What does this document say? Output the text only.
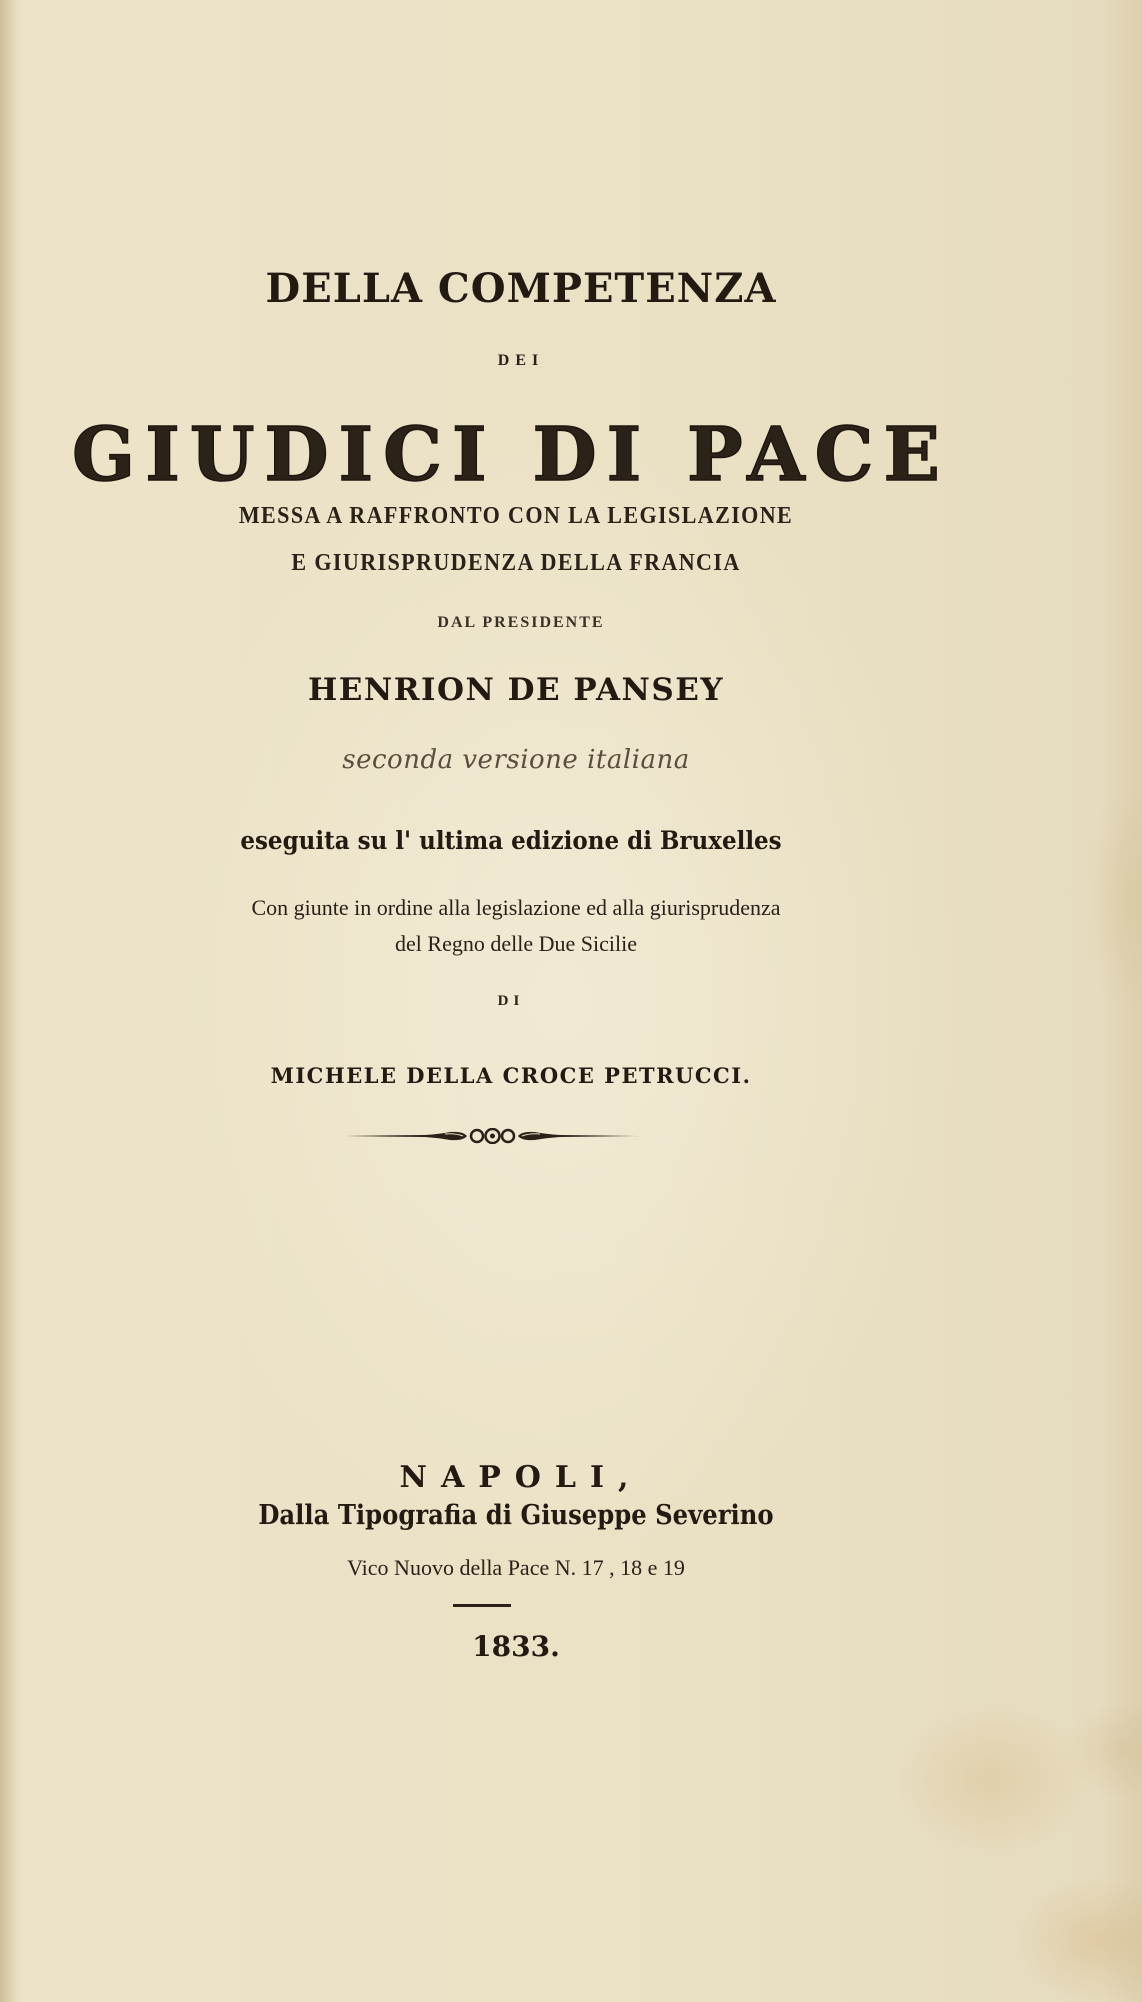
DELLA COMPETENZA
DEI
GIUDICI DI PACE
MESSA A RAFFRONTO CON LA LEGISLAZIONE
E GIURISPRUDENZA DELLA FRANCIA
DAL PRESIDENTE
HENRION DE PANSEY
seconda versione italiana
eseguita su l' ultima edizione di Bruxelles
Con giunte in ordine alla legislazione ed alla giurisprudenza
del Regno delle Due Sicilie
DI
MICHELE DELLA CROCE PETRUCCI.
NAPOLI,
Dalla Tipografia di Giuseppe Severino
Vico Nuovo della Pace N. 17 , 18 e 19
1833.
